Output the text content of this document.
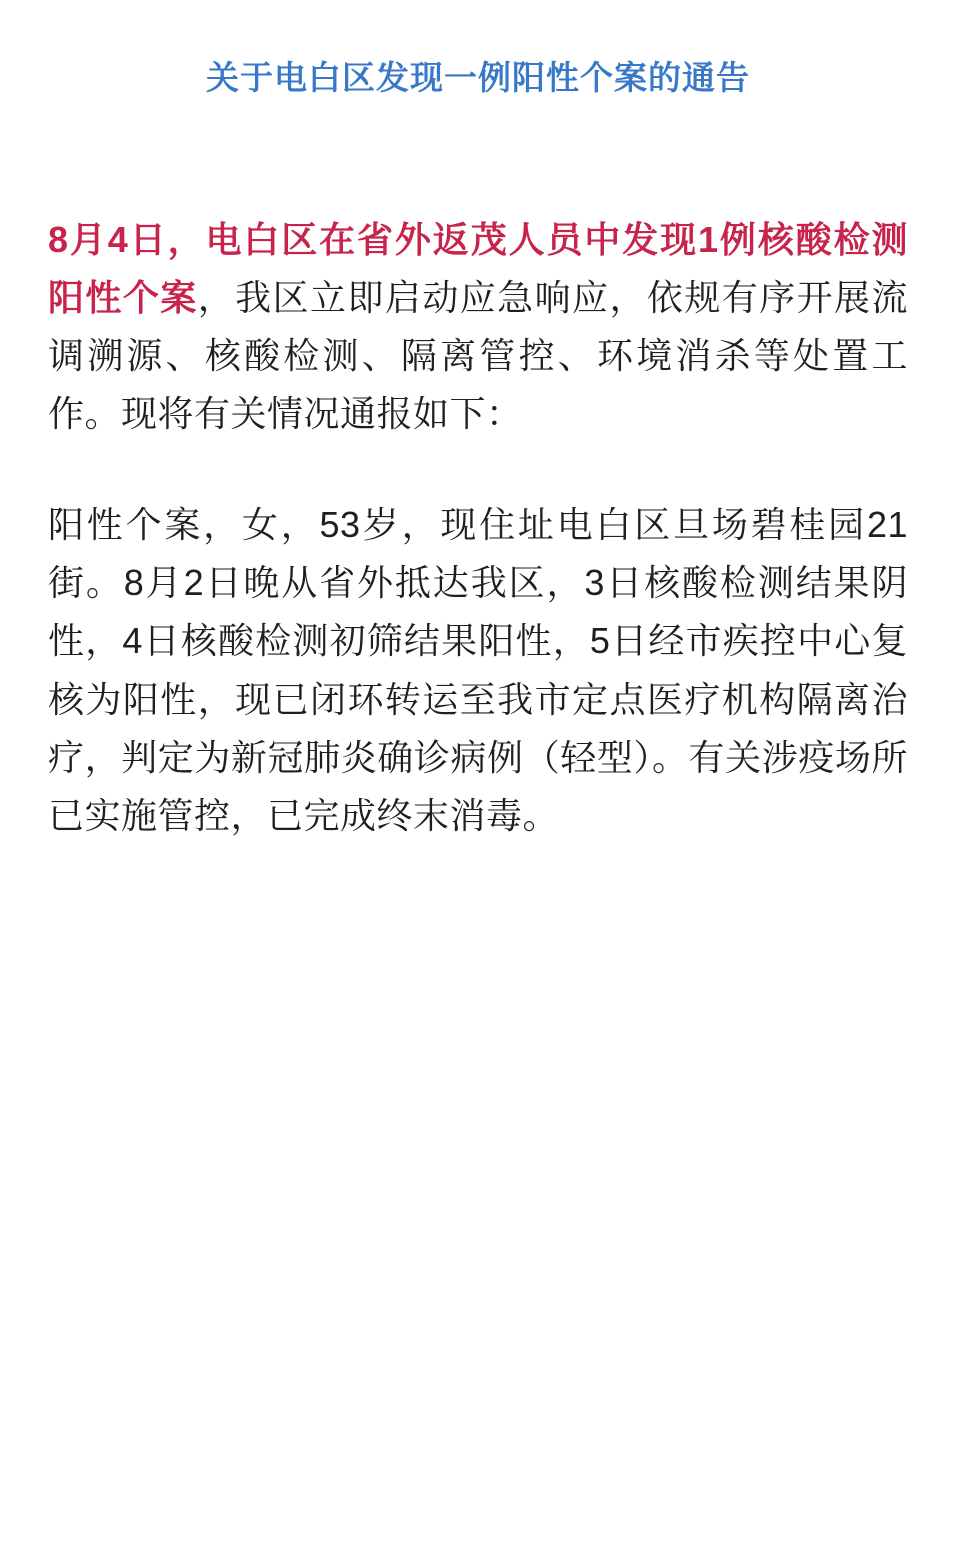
关于电白区发现一例阳性个案的通告

8月4日，电白区在省外返茂人员中发现1例核酸检测阳性个案，我区立即启动应急响应，依规有序开展流调溯源、核酸检测、隔离管控、环境消杀等处置工作。现将有关情况通报如下：

阳性个案，女，53岁，现住址电白区旦场碧桂园21街。8月2日晚从省外抵达我区，3日核酸检测结果阴性，4日核酸检测初筛结果阳性，5日经市疾控中心复核为阳性，现已闭环转运至我市定点医疗机构隔离治疗，判定为新冠肺炎确诊病例（轻型）。有关涉疫场所已实施管控，已完成终末消毒。
